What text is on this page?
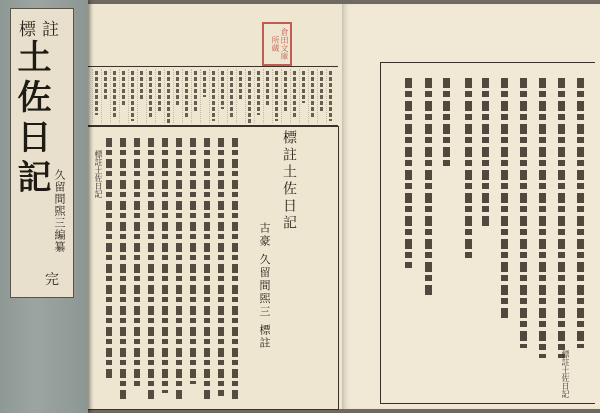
標註土佐日記	標註土佐日記
古豪 久留間𤋮三 標註
倉田文庫所蔵
標註土佐日記
標註
土佐日記
久留間𤋮三編纂
完
